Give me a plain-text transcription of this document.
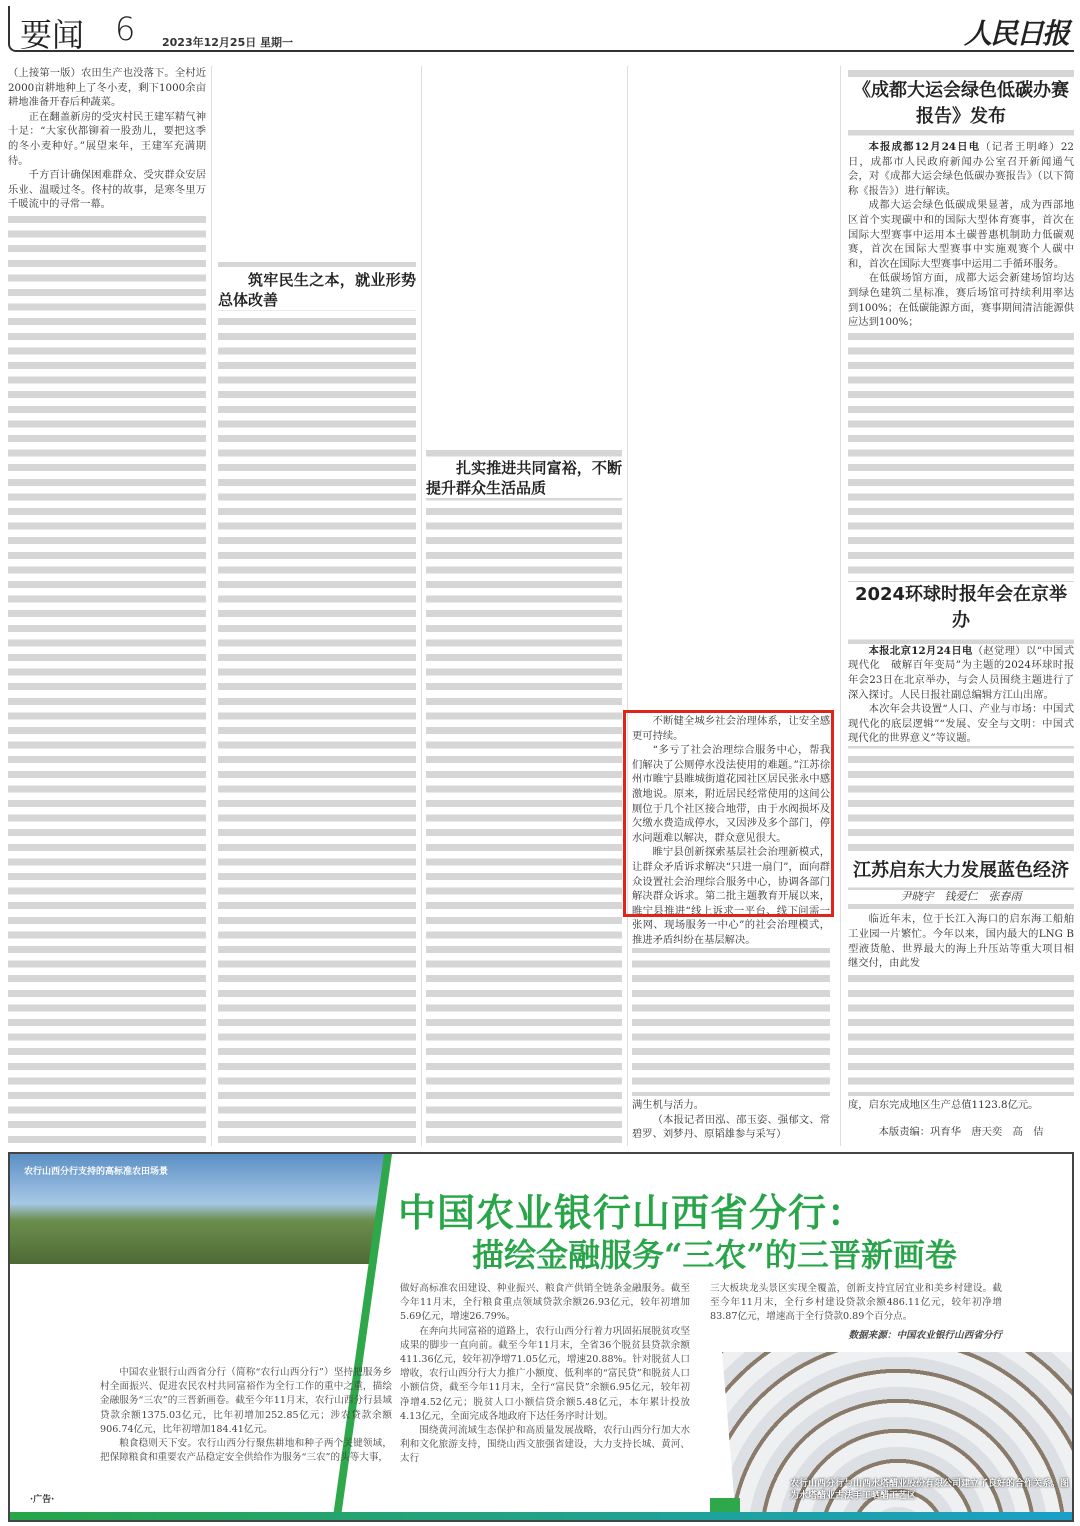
要闻 6 2023年12月25日 星期一	人民日报

（上接第一版）农田生产也没落下。全村近2000亩耕地种上了冬小麦，剩下1000余亩耕地准备开春后种蔬菜。

正在翻盖新房的受灾村民王建军精气神十足：“大家伙都铆着一股劲儿，要把这季的冬小麦种好。”展望来年，王建军充满期待。

千方百计确保困难群众、受灾群众安居乐业、温暖过冬。佟村的故事，是寒冬里万千暖流中的寻常一幕。

筑牢民生之本，就业形势总体改善
扎实推进共同富裕，不断提升群众生活品质

不断健全城乡社会治理体系，让安全感更可持续。

“多亏了社会治理综合服务中心，帮我们解决了公厕停水没法使用的难题。”江苏徐州市睢宁县睢城街道花园社区居民张永中感激地说。原来，附近居民经常使用的这间公厕位于几个社区接合地带，由于水阀损坏及欠缴水费造成停水，又因涉及多个部门，停水问题难以解决，群众意见很大。

睢宁县创新探索基层社会治理新模式，让群众矛盾诉求解决“只进一扇门”，面向群众设置社会治理综合服务中心，协调各部门解决群众诉求。第二批主题教育开展以来，睢宁县推进“线上诉求一平台、线下问需一张网、现场服务一中心”的社会治理模式，推进矛盾纠纷在基层解决。

满生机与活力。

（本报记者田泓、邵玉姿、强郁文、常碧罗、刘梦丹、原韬雄参与采写）

《成都大运会绿色低碳办赛报告》发布

本报成都12月24日电（记者王明峰）22日，成都市人民政府新闻办公室召开新闻通气会，对《成都大运会绿色低碳办赛报告》（以下简称《报告》）进行解读。

成都大运会绿色低碳成果显著，成为西部地区首个实现碳中和的国际大型体育赛事，首次在国际大型赛事中运用本土碳普惠机制助力低碳观赛，首次在国际大型赛事中实施观赛个人碳中和，首次在国际大型赛事中运用二手循环服务。

在低碳场馆方面，成都大运会新建场馆均达到绿色建筑二星标准，赛后场馆可持续利用率达到100%；在低碳能源方面，赛事期间清洁能源供应达到100%；

2024环球时报年会在京举办

本报北京12月24日电（赵觉理）以“中国式现代化　破解百年变局”为主题的2024环球时报年会23日在北京举办，与会人员围绕主题进行了深入探讨。人民日报社副总编辑方江山出席。

本次年会共设置“人口、产业与市场：中国式现代化的底层逻辑”“发展、安全与文明：中国式现代化的世界意义”等议题。

江苏启东大力发展蓝色经济
尹晓宇　钱爱仁　张春雨

临近年末，位于长江入海口的启东海工船舶工业园一片繁忙。今年以来，国内最大的LNG B型液货舱、世界最大的海上升压站等重大项目相继交付，由此发

度，启东完成地区生产总值1123.8亿元。

本版责编：巩育华　唐天奕　高　佶

农行山西分行支持的高标准农田场景
中国农业银行山西省分行：
描绘金融服务“三农”的三晋新画卷

中国农业银行山西省分行（简称“农行山西分行”）坚持把服务乡村全面振兴、促进农民农村共同富裕作为全行工作的重中之重，描绘金融服务“三农”的三晋新画卷。截至今年11月末，农行山西分行县域贷款余额1375.03亿元，比年初增加252.85亿元；涉农贷款余额906.74亿元，比年初增加184.41亿元。

粮食稳则天下安。农行山西分行聚焦耕地和种子两个关键领域，把保障粮食和重要农产品稳定安全供给作为服务“三农”的头等大事，

做好高标准农田建设、种业振兴、粮食产供销全链条金融服务。截至今年11月末，全行粮食重点领域贷款余额26.93亿元，较年初增加5.69亿元，增速26.79%。

在奔向共同富裕的道路上，农行山西分行着力巩固拓展脱贫攻坚成果的脚步一直向前。截至今年11月末，全省36个脱贫县贷款余额411.36亿元，较年初净增71.05亿元，增速20.88%。针对脱贫人口增收，农行山西分行大力推广小额度、低利率的“富民贷”和脱贫人口小额信贷，截至今年11月末，全行“富民贷”余额6.95亿元，较年初净增4.52亿元；脱贫人口小额信贷余额5.48亿元，本年累计投放4.13亿元，全面完成各地政府下达任务序时计划。

围绕黄河流域生态保护和高质量发展战略，农行山西分行加大水利和文化旅游支持，围绕山西文旅强省建设，大力支持长城、黄河、太行

三大板块龙头景区实现全覆盖，创新支持宜居宜业和美乡村建设。截至今年11月末，全行乡村建设贷款余额486.11亿元，较年初净增83.87亿元，增速高于全行贷款0.89个百分点。

数据来源：中国农业银行山西省分行
农行山西分行与山西水塔醋业股份有限公司建立了良好的合作关系。图为水塔醋业古法手工晒醋工艺区
·广告·
